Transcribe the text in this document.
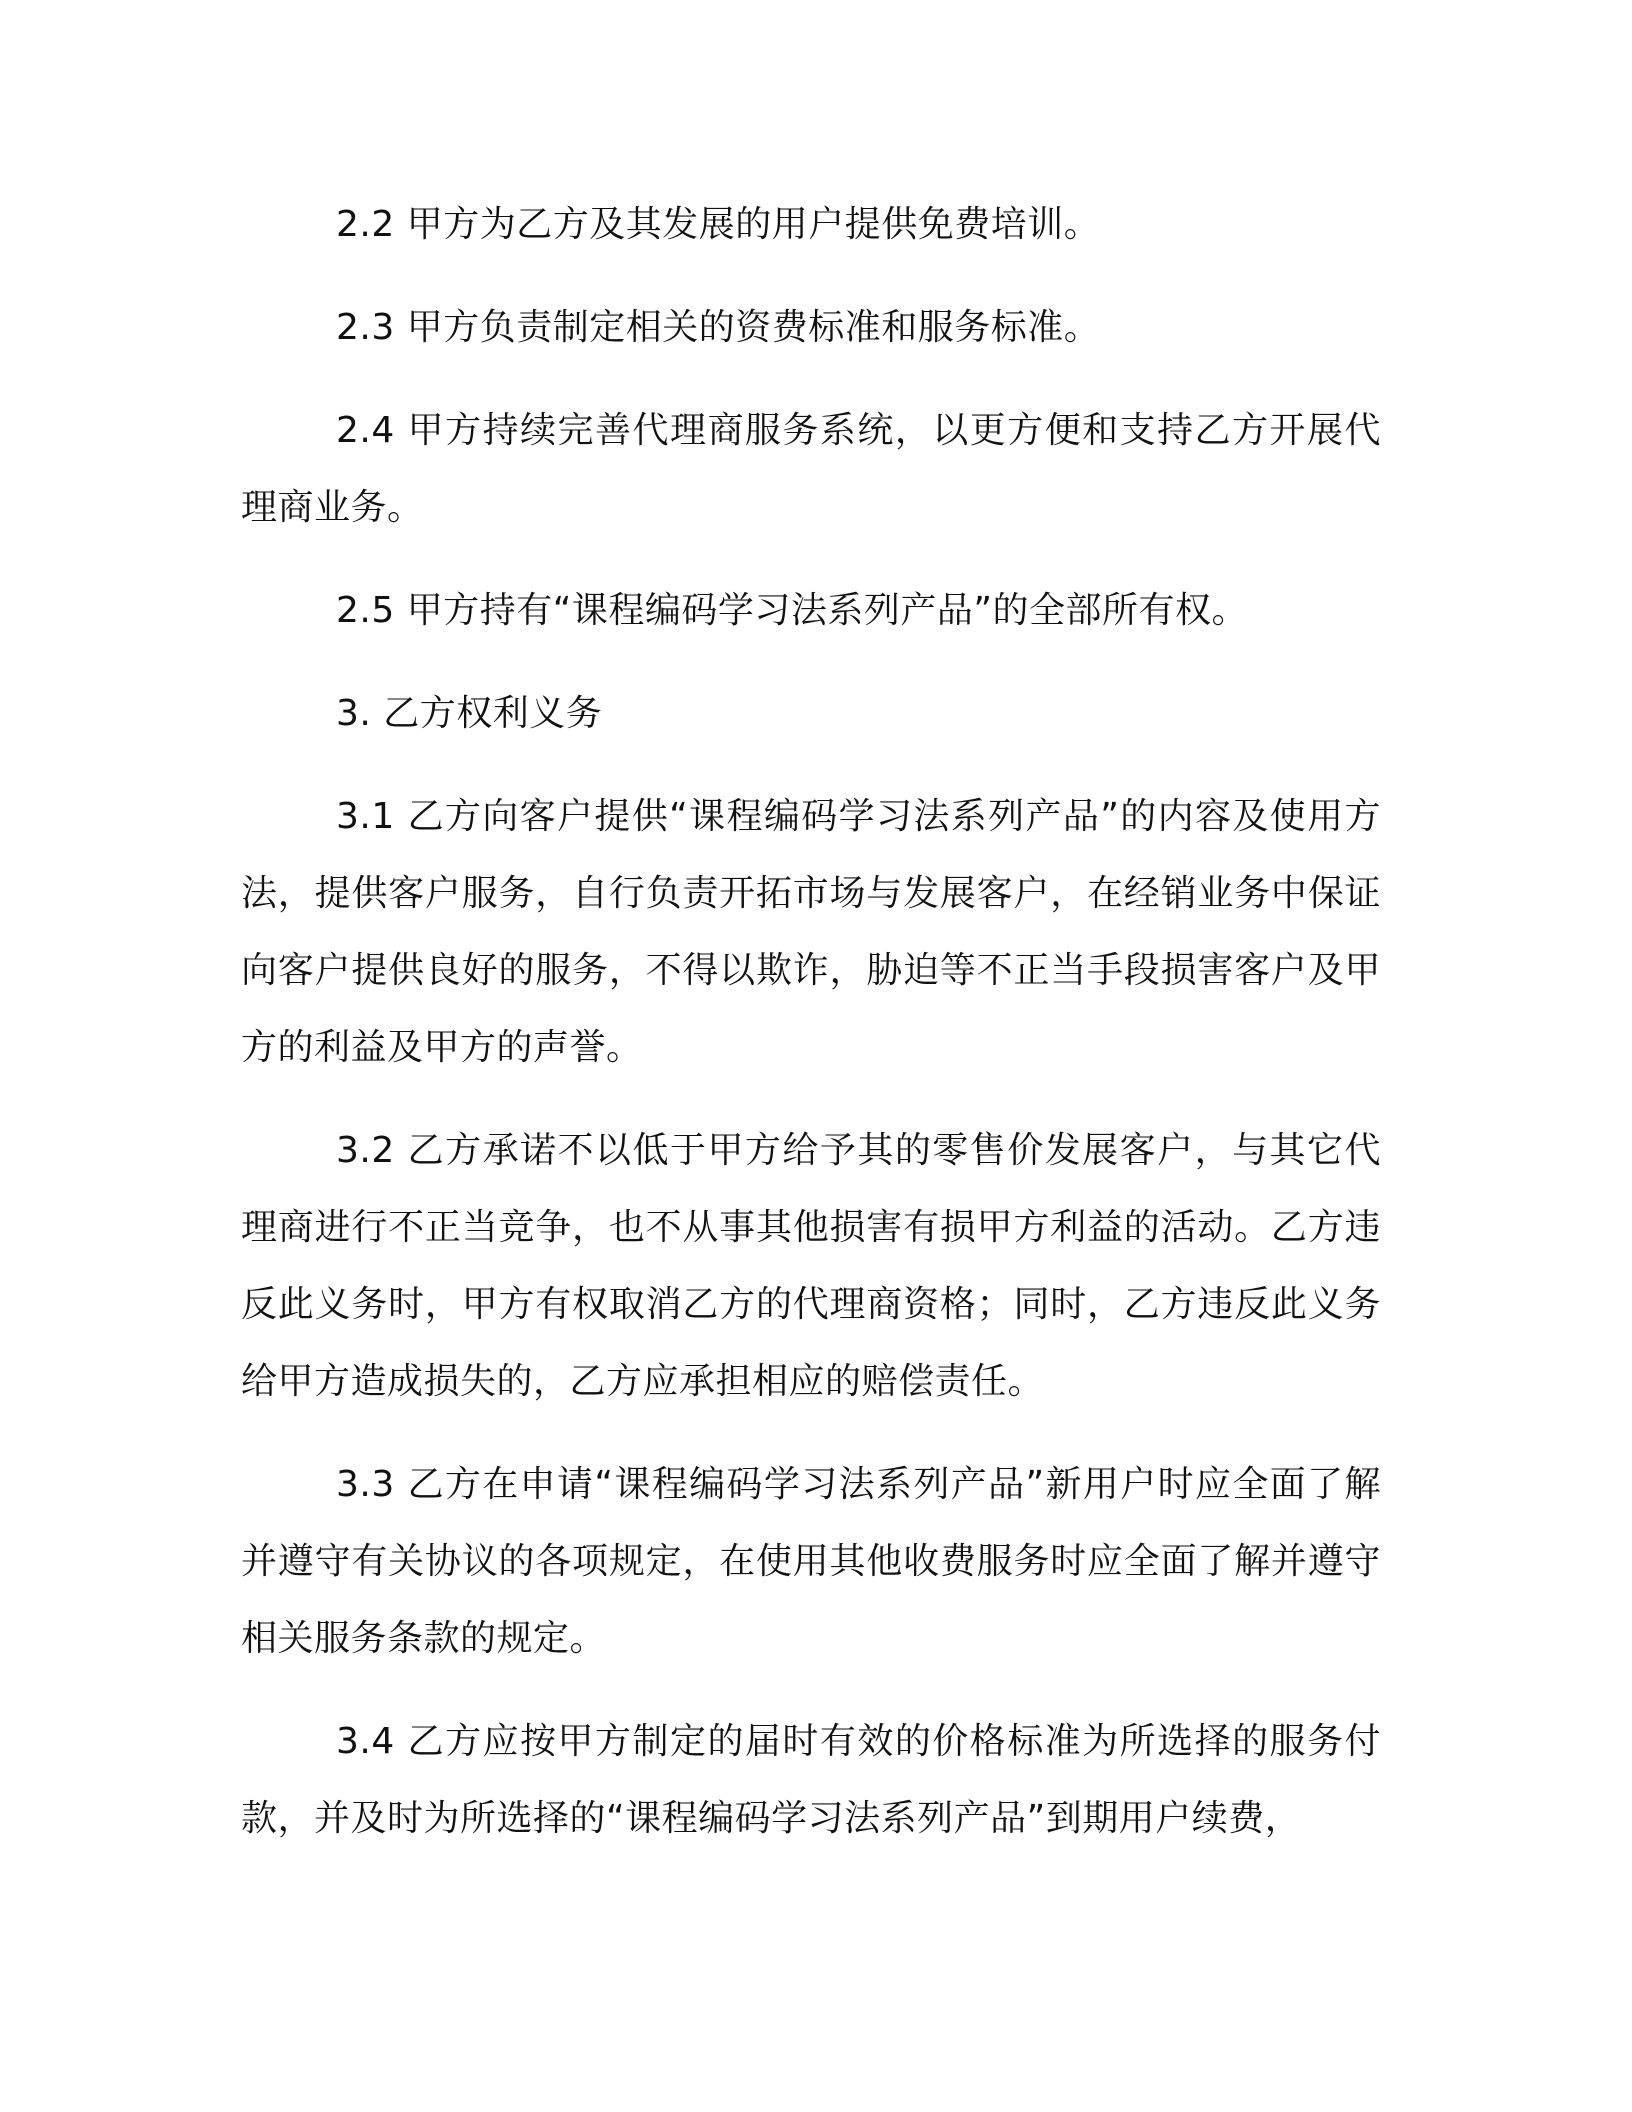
2.2 甲方为乙方及其发展的用户提供免费培训。

2.3 甲方负责制定相关的资费标准和服务标准。

2.4 甲方持续完善代理商服务系统，以更方便和支持乙方开展代理商业务。

2.5 甲方持有“课程编码学习法系列产品”的全部所有权。

3. 乙方权利义务

3.1 乙方向客户提供“课程编码学习法系列产品”的内容及使用方法，提供客户服务，自行负责开拓市场与发展客户，在经销业务中保证向客户提供良好的服务，不得以欺诈，胁迫等不正当手段损害客户及甲方的利益及甲方的声誉。

3.2 乙方承诺不以低于甲方给予其的零售价发展客户，与其它代理商进行不正当竞争，也不从事其他损害有损甲方利益的活动。乙方违反此义务时，甲方有权取消乙方的代理商资格；同时，乙方违反此义务给甲方造成损失的，乙方应承担相应的赔偿责任。

3.3 乙方在申请“课程编码学习法系列产品”新用户时应全面了解并遵守有关协议的各项规定，在使用其他收费服务时应全面了解并遵守相关服务条款的规定。

3.4 乙方应按甲方制定的届时有效的价格标准为所选择的服务付款，并及时为所选择的“课程编码学习法系列产品”到期用户续费，
